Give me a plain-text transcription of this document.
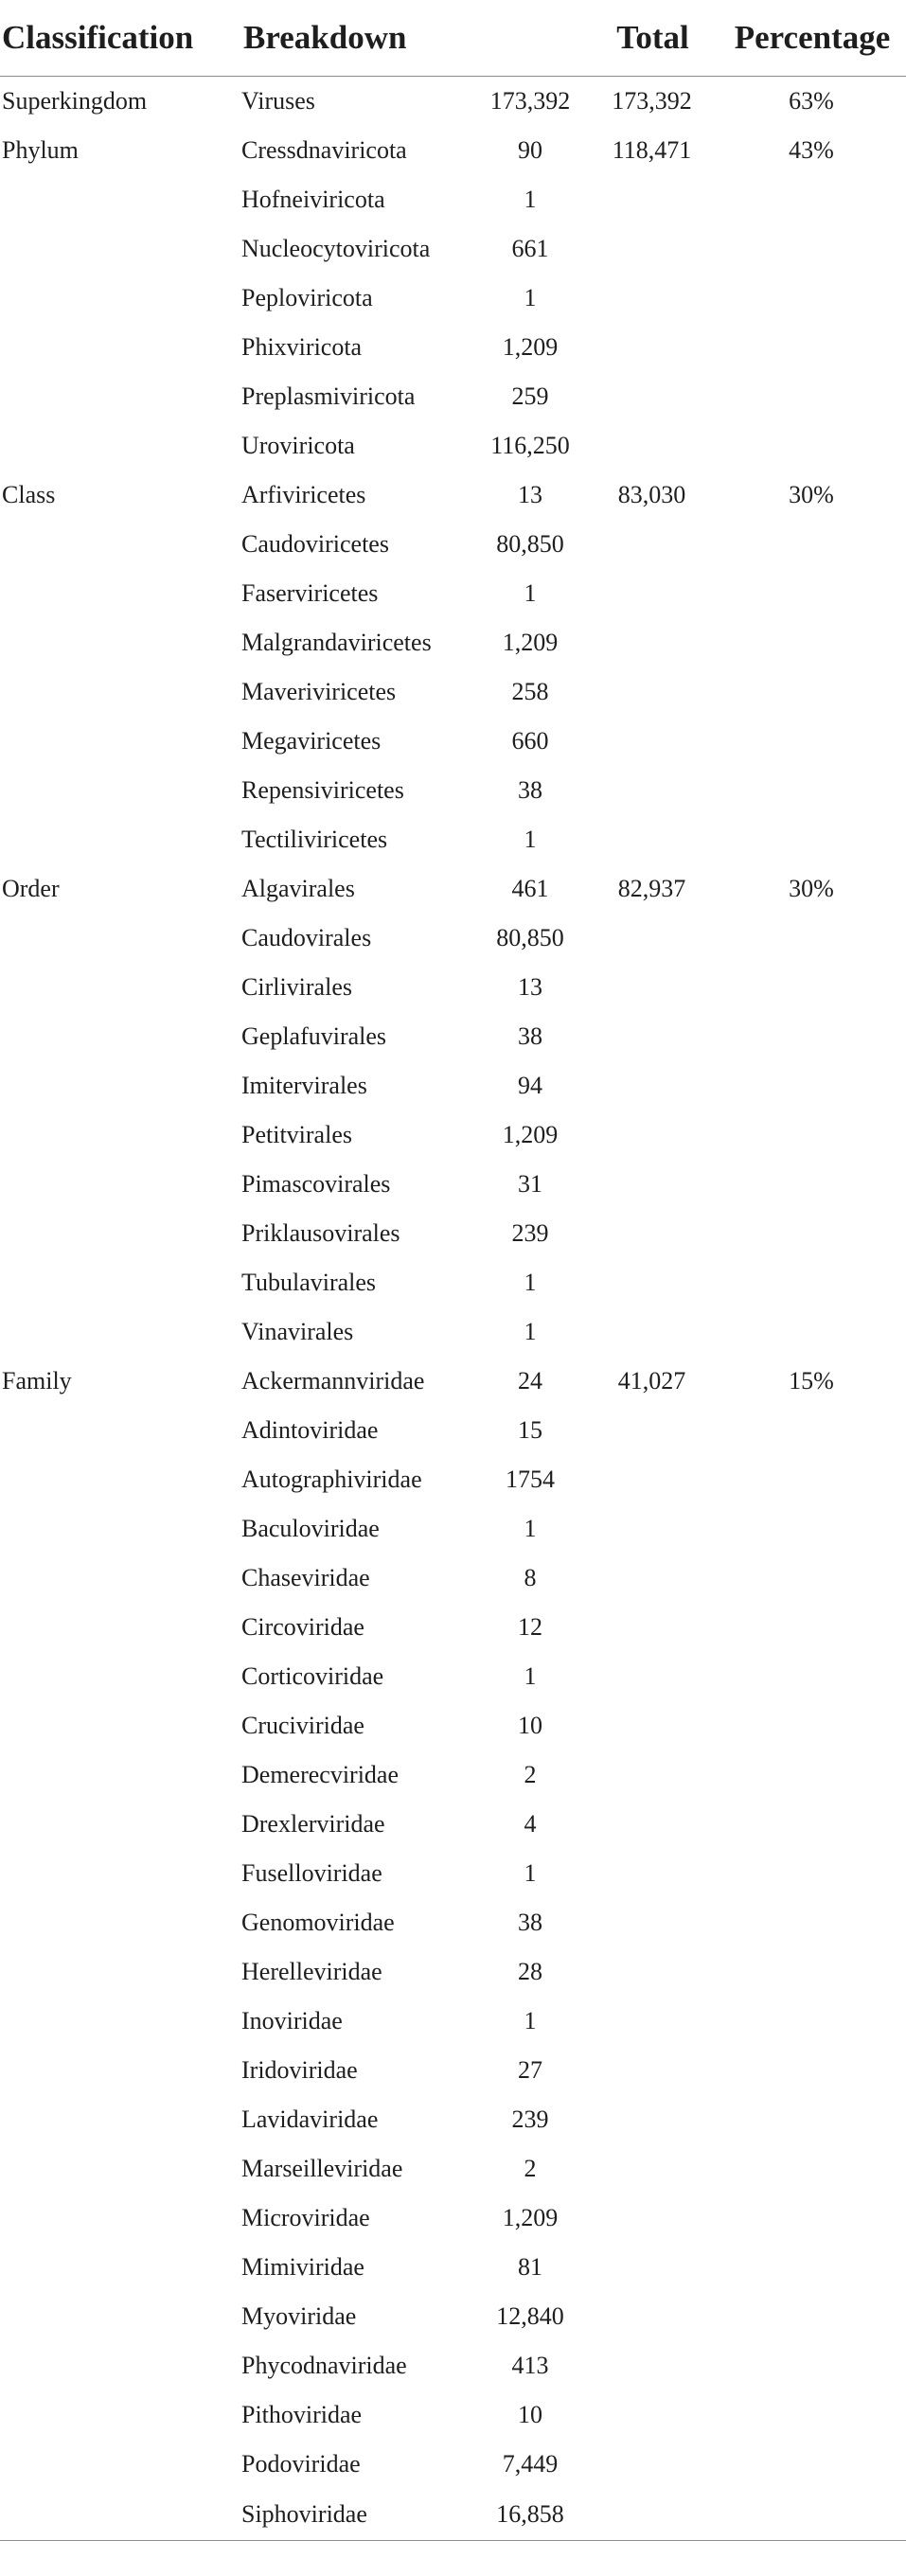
Classification	Breakdown		Total	Percentage
Superkingdom	Viruses	173,392	173,392	63%
Phylum	Cressdnaviricota	90	118,471	43%
	Hofneiviricota	1		
	Nucleocytoviricota	661		
	Peploviricota	1		
	Phixviricota	1,209		
	Preplasmiviricota	259		
	Uroviricota	116,250		
Class	Arfiviricetes	13	83,030	30%
	Caudoviricetes	80,850		
	Faserviricetes	1		
	Malgrandaviricetes	1,209		
	Maveriviricetes	258		
	Megaviricetes	660		
	Repensiviricetes	38		
	Tectiliviricetes	1		
Order	Algavirales	461	82,937	30%
	Caudovirales	80,850		
	Cirlivirales	13		
	Geplafuvirales	38		
	Imitervirales	94		
	Petitvirales	1,209		
	Pimascovirales	31		
	Priklausovirales	239		
	Tubulavirales	1		
	Vinavirales	1		
Family	Ackermannviridae	24	41,027	15%
	Adintoviridae	15		
	Autographiviridae	1754		
	Baculoviridae	1		
	Chaseviridae	8		
	Circoviridae	12		
	Corticoviridae	1		
	Cruciviridae	10		
	Demerecviridae	2		
	Drexlerviridae	4		
	Fuselloviridae	1		
	Genomoviridae	38		
	Herelleviridae	28		
	Inoviridae	1		
	Iridoviridae	27		
	Lavidaviridae	239		
	Marseilleviridae	2		
	Microviridae	1,209		
	Mimiviridae	81		
	Myoviridae	12,840		
	Phycodnaviridae	413		
	Pithoviridae	10		
	Podoviridae	7,449		
	Siphoviridae	16,858		
